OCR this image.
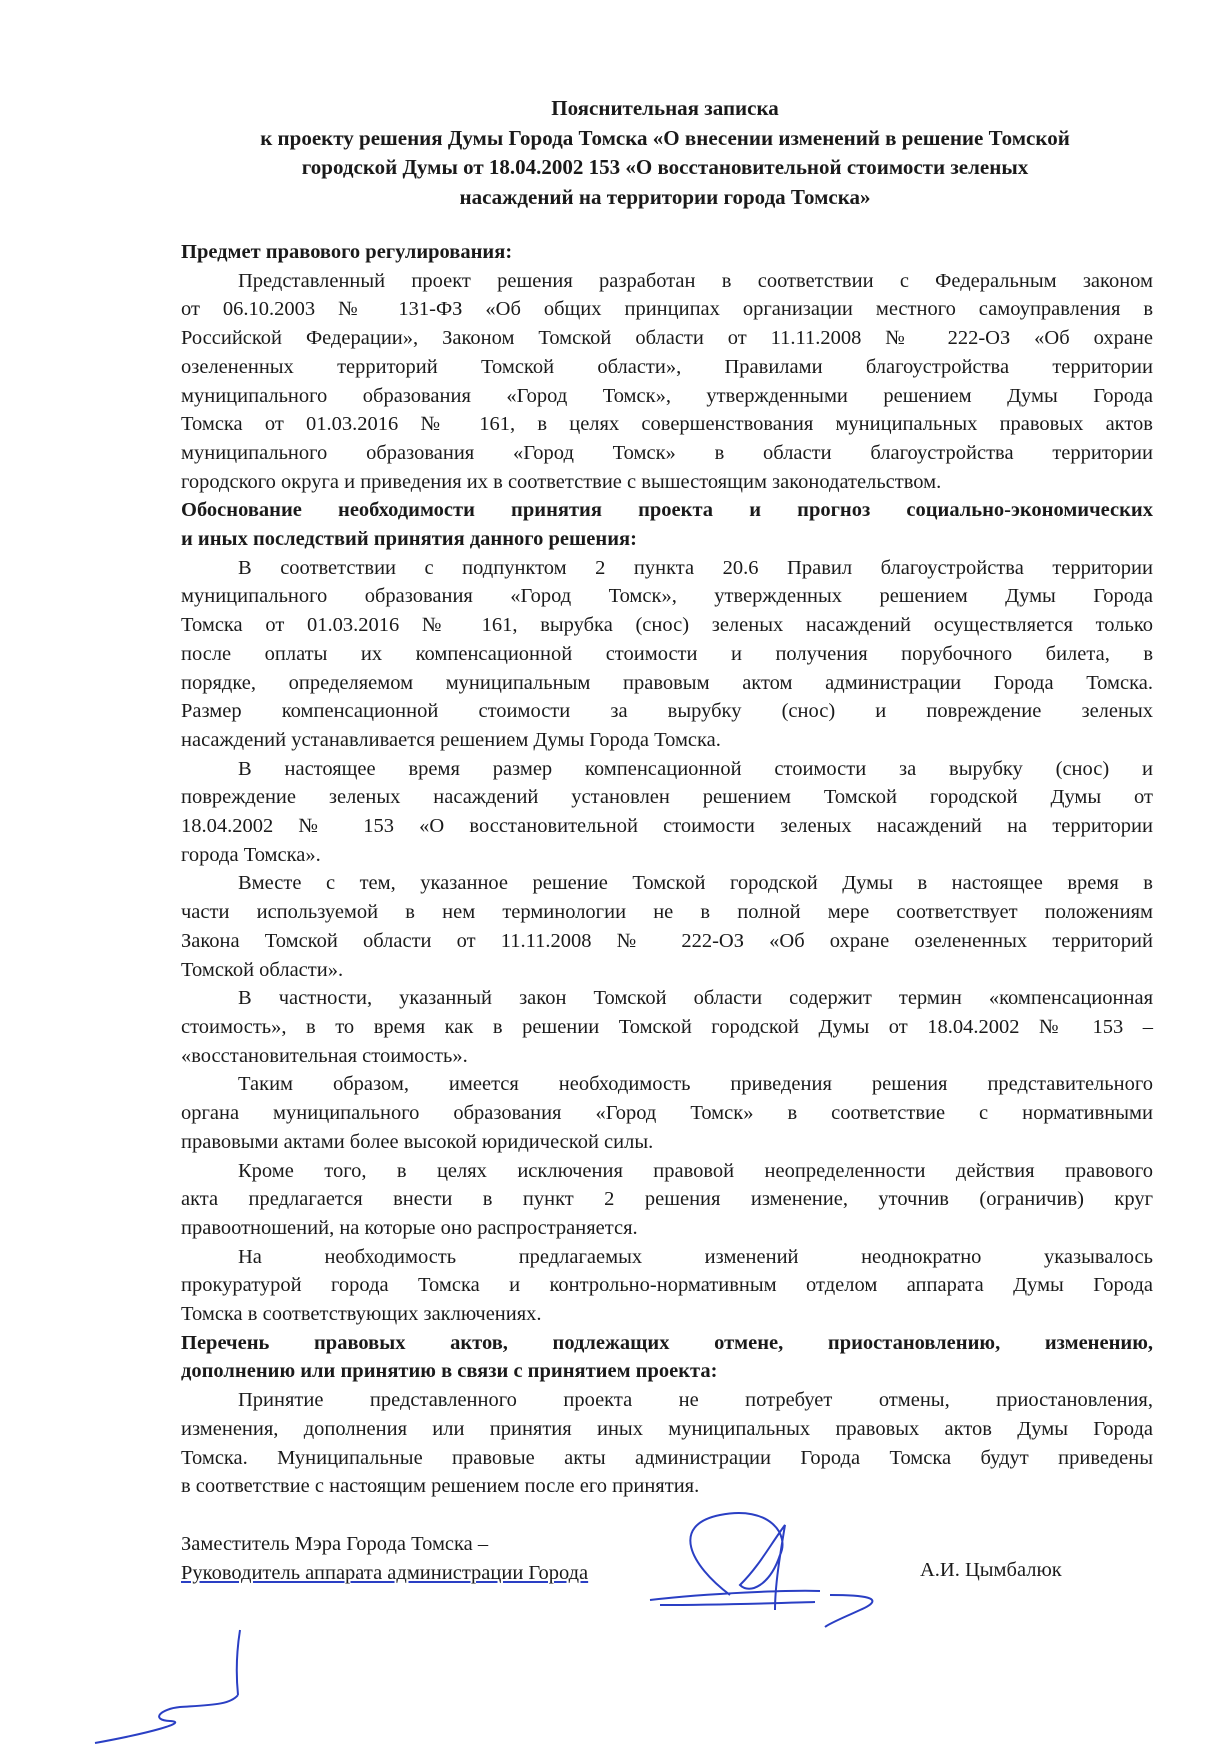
Пояснительная записка
к проекту решения Думы Города Томска «О внесении изменений в решение Томской
городской Думы от 18.04.2002 153 «О восстановительной стоимости зеленых
насаждений на территории города Томска»
Предмет правового регулирования:
Представленный проект решения разработан в соответствии с Федеральным законом
от 06.10.2003 № 131-ФЗ «Об общих принципах организации местного самоуправления в
Российской Федерации», Законом Томской области от 11.11.2008 № 222-ОЗ «Об охране
озелененных территорий Томской области», Правилами благоустройства территории
муниципального образования «Город Томск», утвержденными решением Думы Города
Томска от 01.03.2016 № 161, в целях совершенствования муниципальных правовых актов
муниципального образования «Город Томск» в области благоустройства территории
городского округа и приведения их в соответствие с вышестоящим законодательством.
Обоснование необходимости принятия проекта и прогноз социально-экономических
и иных последствий принятия данного решения:
В соответствии с подпунктом 2 пункта 20.6 Правил благоустройства территории
муниципального образования «Город Томск», утвержденных решением Думы Города
Томска от 01.03.2016 № 161, вырубка (снос) зеленых насаждений осуществляется только
после оплаты их компенсационной стоимости и получения порубочного билета, в
порядке, определяемом муниципальным правовым актом администрации Города Томска.
Размер компенсационной стоимости за вырубку (снос) и повреждение зеленых
насаждений устанавливается решением Думы Города Томска.
В настоящее время размер компенсационной стоимости за вырубку (снос) и
повреждение зеленых насаждений установлен решением Томской городской Думы от
18.04.2002 № 153 «О восстановительной стоимости зеленых насаждений на территории
города Томска».
Вместе с тем, указанное решение Томской городской Думы в настоящее время в
части используемой в нем терминологии не в полной мере соответствует положениям
Закона Томской области от 11.11.2008 № 222-ОЗ «Об охране озелененных территорий
Томской области».
В частности, указанный закон Томской области содержит термин «компенсационная
стоимость», в то время как в решении Томской городской Думы от 18.04.2002 № 153 –
«восстановительная стоимость».
Таким образом, имеется необходимость приведения решения представительного
органа муниципального образования «Город Томск» в соответствие с нормативными
правовыми актами более высокой юридической силы.
Кроме того, в целях исключения правовой неопределенности действия правового
акта предлагается внести в пункт 2 решения изменение, уточнив (ограничив) круг
правоотношений, на которые оно распространяется.
На необходимость предлагаемых изменений неоднократно указывалось
прокуратурой города Томска и контрольно-нормативным отделом аппарата Думы Города
Томска в соответствующих заключениях.
Перечень правовых актов, подлежащих отмене, приостановлению, изменению,
дополнению или принятию в связи с принятием проекта:
Принятие представленного проекта не потребует отмены, приостановления,
изменения, дополнения или принятия иных муниципальных правовых актов Думы Города
Томска. Муниципальные правовые акты администрации Города Томска будут приведены
в соответствие с настоящим решением после его принятия.
Заместитель Мэра Города Томска –
Руководитель аппарата администрации Города	А.И. Цымбалюк
